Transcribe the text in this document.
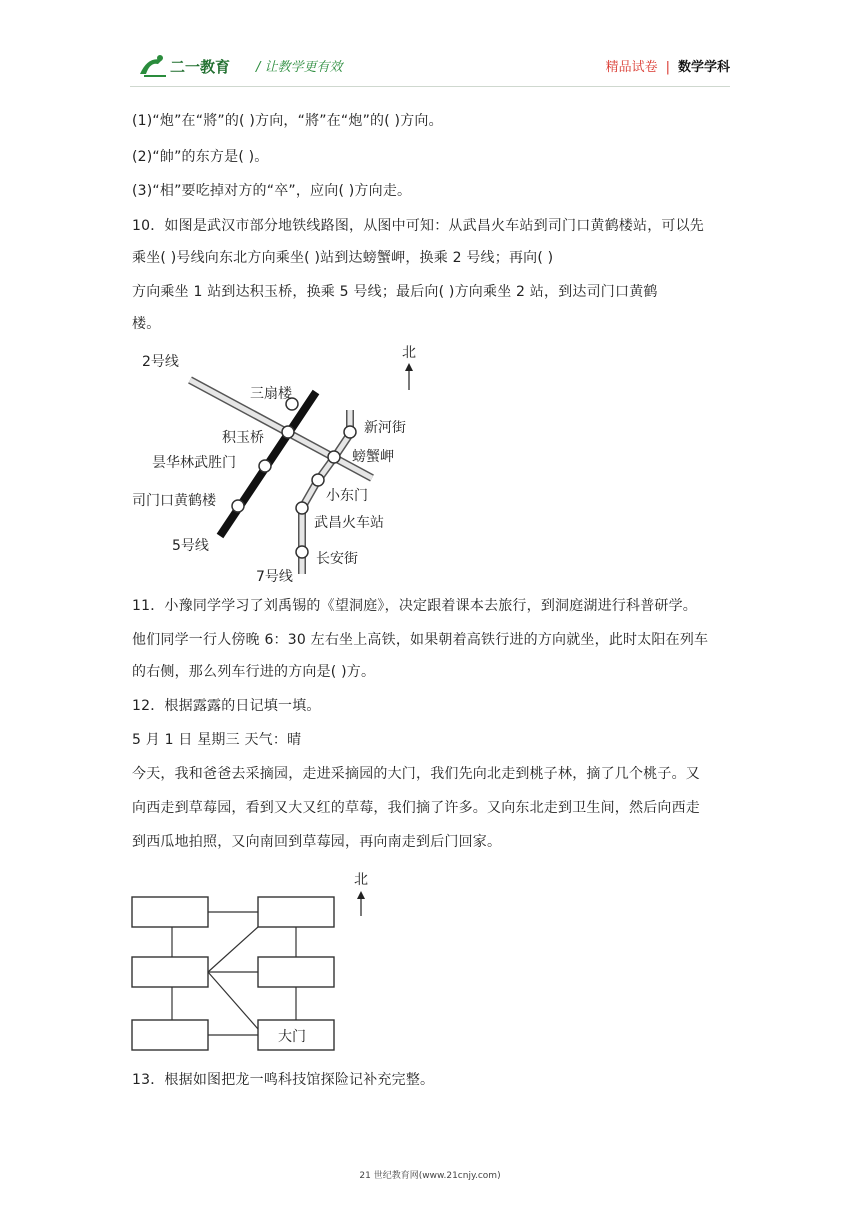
二一教育 / 让教学更有效	精品试卷 | 数学学科
(1)“炮”在“將”的( )方向，“將”在“炮”的( )方向。
(2)“帥”的东方是( )。
(3)“相”要吃掉对方的“卒”，应向( )方向走。
10．如图是武汉市部分地铁线路图，从图中可知：从武昌火车站到司门口黄鹤楼站，可以先
乘坐( )号线向东北方向乘坐( )站到达螃蟹岬，换乘 2 号线；再向( )
方向乘坐 1 站到达积玉桥，换乘 5 号线；最后向( )方向乘坐 2 站，到达司门口黄鹤
楼。
北
2号线
三扇楼
积玉桥
新河街
螃蟹岬
昙华林武胜门
小东门
司门口黄鹤楼
武昌火车站
5号线
长安街
7号线
11．小豫同学学习了刘禹锡的《望洞庭》，决定跟着课本去旅行，到洞庭湖进行科普研学。
他们同学一行人傍晚 6：30 左右坐上高铁，如果朝着高铁行进的方向就坐，此时太阳在列车
的右侧，那么列车行进的方向是( )方。
12．根据露露的日记填一填。
5 月 1 日 星期三 天气：晴
今天，我和爸爸去采摘园，走进采摘园的大门，我们先向北走到桃子林，摘了几个桃子。又
向西走到草莓园，看到又大又红的草莓，我们摘了许多。又向东北走到卫生间，然后向西走
到西瓜地拍照，又向南回到草莓园，再向南走到后门回家。
大门
北
13．根据如图把龙一鸣科技馆探险记补充完整。
21 世纪教育网(www.21cnjy.com)
